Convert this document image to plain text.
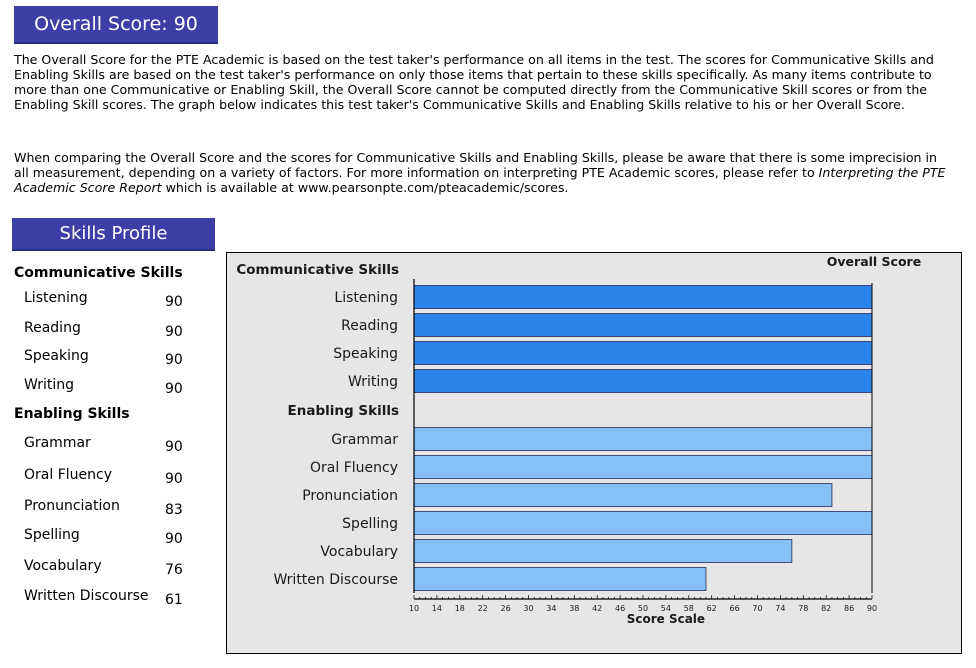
Overall Score: 90

The Overall Score for the PTE Academic is based on the test taker's performance on all items in the test. The scores for Communicative Skills and Enabling Skills are based on the test taker's performance on only those items that pertain to these skills specifically. As many items contribute to more than one Communicative or Enabling Skill, the Overall Score cannot be computed directly from the Communicative Skill scores or from the Enabling Skill scores. The graph below indicates this test taker's Communicative Skills and Enabling Skills relative to his or her Overall Score.

When comparing the Overall Score and the scores for Communicative Skills and Enabling Skills, please be aware that there is some imprecision in all measurement, depending on a variety of factors. For more information on interpreting PTE Academic scores, please refer to Interpreting the PTE Academic Score Report which is available at www.pearsonpte.com/pteacademic/scores.

Skills Profile
Communicative Skills
Listening	90
Reading	90
Speaking	90
Writing	90
Enabling Skills
Grammar	90
Oral Fluency	90
Pronunciation	83
Spelling	90
Vocabulary	76
Written Discourse 61
Communicative Skills
Listening
Reading
Speaking
Writing
Enabling Skills
Grammar
Oral Fluency
Pronunciation
Spelling
Vocabulary
Written Discourse
Overall Score
10 14 18 22 26 30 34 38 42 46 50 54 58 62 66 70 74 78 82 86 90
Score Scale
